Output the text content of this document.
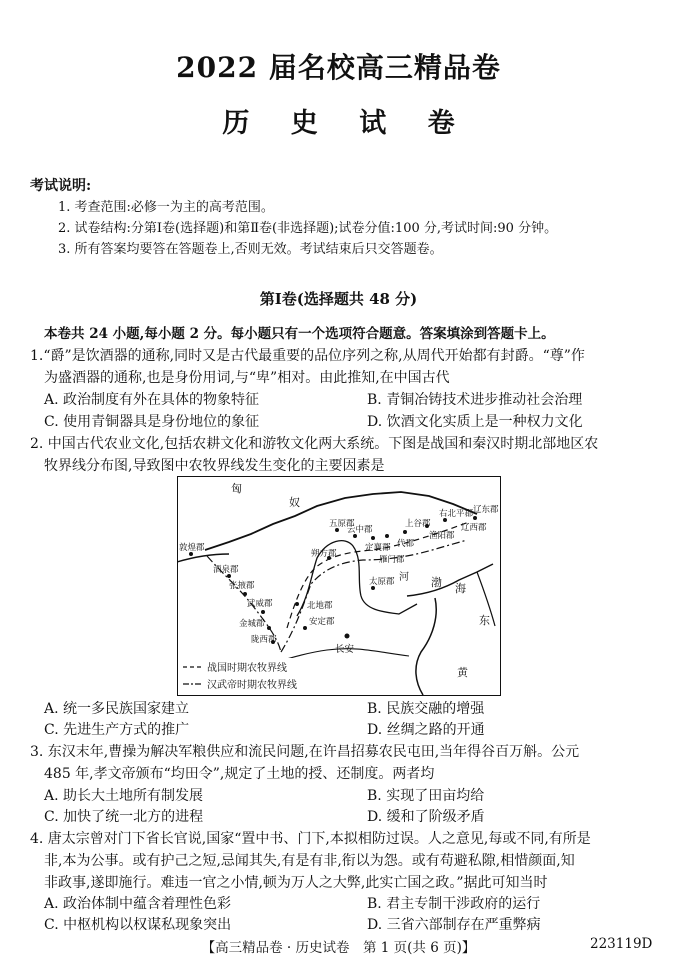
2022 届名校高三精品卷
历 史 试 卷
考试说明:
1. 考查范围:必修一为主的高考范围。
2. 试卷结构:分第Ⅰ卷(选择题)和第Ⅱ卷(非选择题);试卷分值:100 分,考试时间:90 分钟。
3. 所有答案均要答在答题卷上,否则无效。考试结束后只交答题卷。
第Ⅰ卷(选择题共 48 分)
本卷共 24 小题,每小题 2 分。每小题只有一个选项符合题意。答案填涂到答题卡上。
1.“爵”是饮酒器的通称,同时又是古代最重要的品位序列之称,从周代开始都有封爵。“尊”作
为盛酒器的通称,也是身份用词,与“卑”相对。由此推知,在中国古代
A. 政治制度有外在具体的物象特征	B. 青铜冶铸技术进步推动社会治理
C. 使用青铜器具是身份地位的象征	D. 饮酒文化实质上是一种权力文化
2. 中国古代农业文化,包括农耕文化和游牧文化两大系统。下图是战国和秦汉时期北部地区农
牧界线分布图,导致图中农牧界线发生变化的主要因素是
匈
奴
敦煌郡
酒泉郡
张掖郡
武威郡
金城郡
陇西郡
北地郡
安定郡
朔方郡
五原郡
云中郡
定襄郡
雁门郡
代郡
上谷郡
渔阳郡
右北平郡
辽西郡
辽东郡
太原郡
长安
河 渤 海
东
黄
战国时期农牧界线
汉武帝时期农牧界线
A. 统一多民族国家建立	B. 民族交融的增强
C. 先进生产方式的推广	D. 丝绸之路的开通
3. 东汉末年,曹操为解决军粮供应和流民问题,在许昌招募农民屯田,当年得谷百万斛。公元
485 年,孝文帝颁布“均田令”,规定了土地的授、还制度。两者均
A. 助长大土地所有制发展	B. 实现了田亩均给
C. 加快了统一北方的进程	D. 缓和了阶级矛盾
4. 唐太宗曾对门下省长官说,国家“置中书、门下,本拟相防过误。人之意见,每或不同,有所是
非,本为公事。或有护己之短,忌闻其失,有是有非,衔以为怨。或有苟避私隙,相惜颜面,知
非政事,遂即施行。难违一官之小情,顿为万人之大弊,此实亡国之政。”据此可知当时
A. 政治体制中蕴含着理性色彩	B. 君主专制干涉政府的运行
C. 中枢机构以权谋私现象突出	D. 三省六部制存在严重弊病
【高三精品卷 · 历史试卷　第 1 页(共 6 页)】	223119D
